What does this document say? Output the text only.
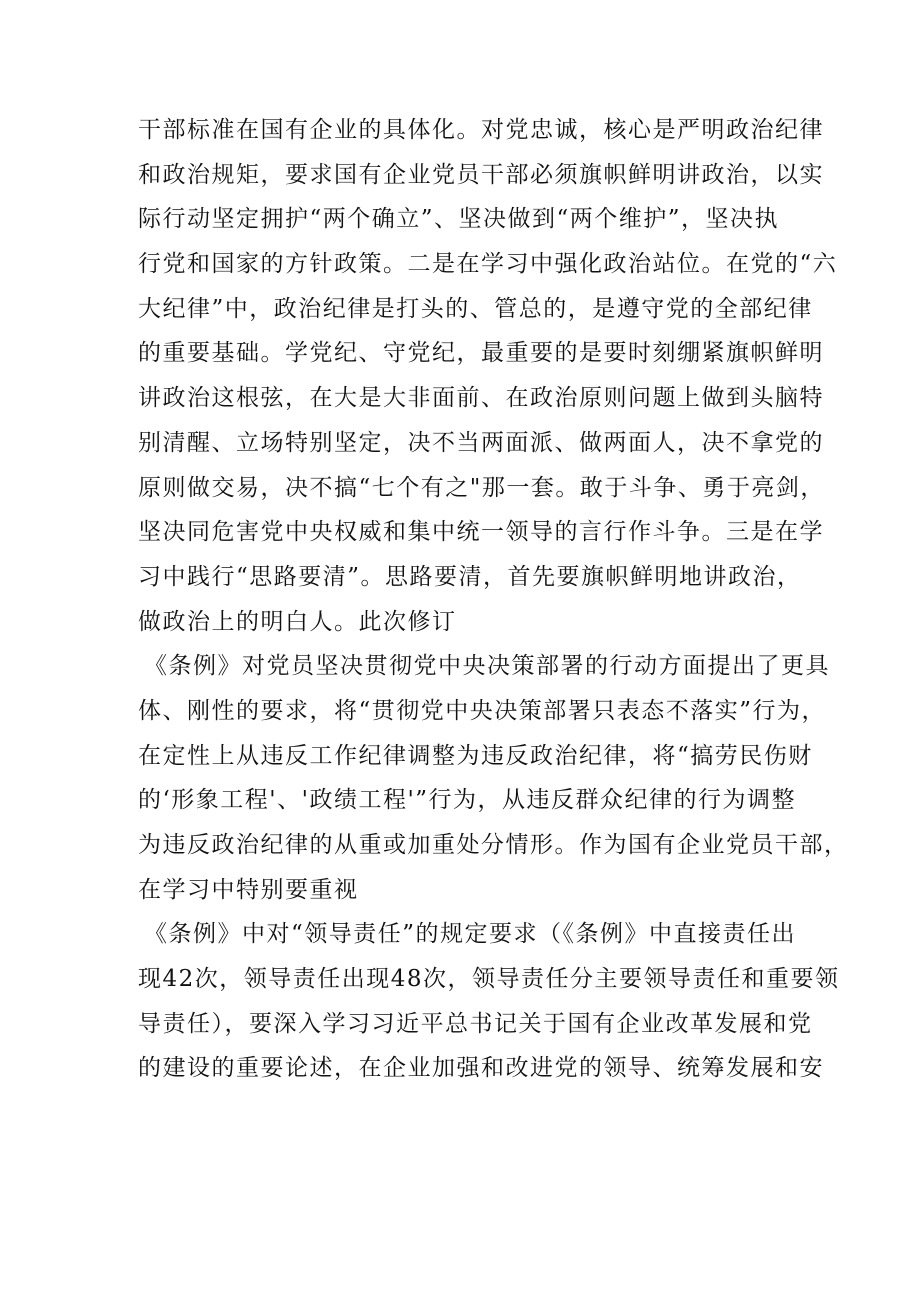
干部标准在国有企业的具体化。对党忠诚，核心是严明政治纪律
和政治规矩，要求国有企业党员干部必须旗帜鲜明讲政治，以实
际行动坚定拥护“两个确立”、坚决做到“两个维护”，坚决执
行党和国家的方针政策。二是在学习中强化政治站位。在党的“六
大纪律”中，政治纪律是打头的、管总的，是遵守党的全部纪律
的重要基础。学党纪、守党纪，最重要的是要时刻绷紧旗帜鲜明
讲政治这根弦，在大是大非面前、在政治原则问题上做到头脑特
别清醒、立场特别坚定，决不当两面派、做两面人，决不拿党的
原则做交易，决不搞“七个有之"那一套。敢于斗争、勇于亮剑，
坚决同危害党中央权威和集中统一领导的言行作斗争。三是在学
习中践行“思路要清”。思路要清，首先要旗帜鲜明地讲政治，
做政治上的明白人。此次修订
《条例》对党员坚决贯彻党中央决策部署的行动方面提出了更具
体、刚性的要求，将“贯彻党中央决策部署只表态不落实”行为，
在定性上从违反工作纪律调整为违反政治纪律，将“搞劳民伤财
的‘形象工程'、'政绩工程'”行为，从违反群众纪律的行为调整
为违反政治纪律的从重或加重处分情形。作为国有企业党员干部，
在学习中特别要重视
《条例》中对“领导责任”的规定要求（《条例》中直接责任出
现42次，领导责任出现48次，领导责任分主要领导责任和重要领
导责任），要深入学习习近平总书记关于国有企业改革发展和党
的建设的重要论述，在企业加强和改进党的领导、统筹发展和安
